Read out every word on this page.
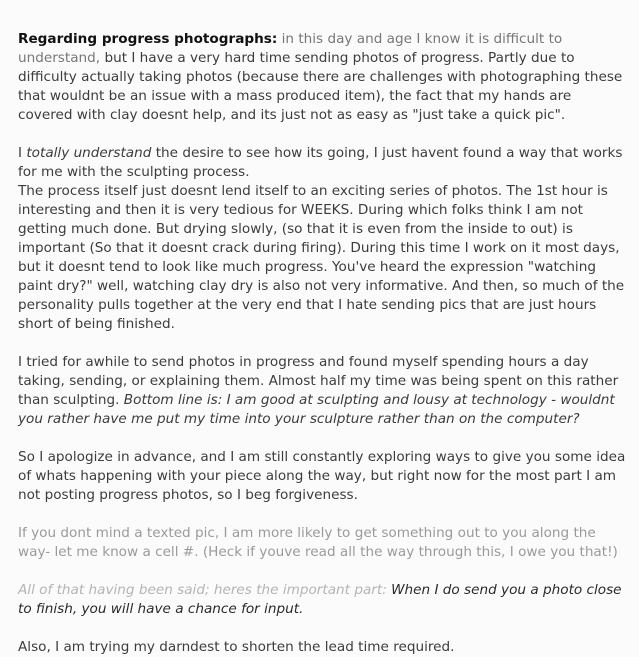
Regarding progress photographs: in this day and age I know it is difficult to understand, but I have a very hard time sending photos of progress. Partly due to difficulty actually taking photos (because there are challenges with photographing these that wouldnt be an issue with a mass produced item), the fact that my hands are covered with clay doesnt help, and its just not as easy as "just take a quick pic".

I totally understand the desire to see how its going, I just havent found a way that works for me with the sculpting process.
The process itself just doesnt lend itself to an exciting series of photos. The 1st hour is interesting and then it is very tedious for WEEKS. During which folks think I am not getting much done. But drying slowly, (so that it is even from the inside to out) is important (So that it doesnt crack during firing). During this time I work on it most days, but it doesnt tend to look like much progress. You've heard the expression "watching paint dry?" well, watching clay dry is also not very informative. And then, so much of the personality pulls together at the very end that I hate sending pics that are just hours short of being finished.

I tried for awhile to send photos in progress and found myself spending hours a day taking, sending, or explaining them. Almost half my time was being spent on this rather than sculpting. Bottom line is: I am good at sculpting and lousy at technology - wouldnt you rather have me put my time into your sculpture rather than on the computer?

So I apologize in advance, and I am still constantly exploring ways to give you some idea of whats happening with your piece along the way, but right now for the most part I am not posting progress photos, so I beg forgiveness.

If you dont mind a texted pic, I am more likely to get something out to you along the way- let me know a cell #. (Heck if youve read all the way through this, I owe you that!)

All of that having been said; heres the important part: When I do send you a photo close to finish, you will have a chance for input.

Also, I am trying my darndest to shorten the lead time required.
